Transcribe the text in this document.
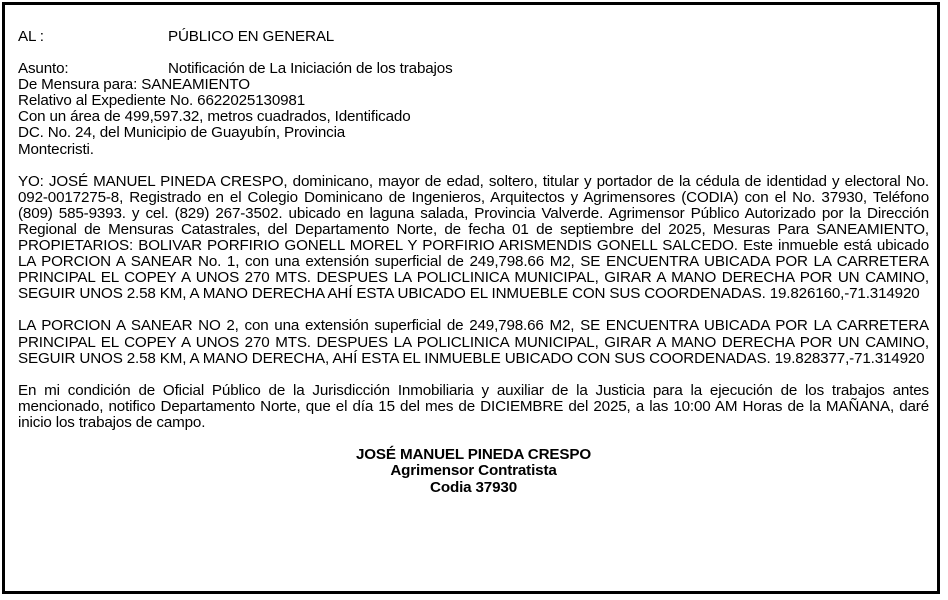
AL :	PÚBLICO EN GENERAL
Asunto:	Notificación de La Iniciación de los trabajos
De Mensura para: SANEAMIENTO
Relativo al Expediente No. 6622025130981
Con un área de 499,597.32, metros cuadrados, Identificado
DC. No. 24, del Municipio de Guayubín, Provincia
Montecristi.
YO: JOSÉ MANUEL PINEDA CRESPO, dominicano, mayor de edad, soltero, titular y portador de la cédula de identidad y electoral No. 092-0017275-8, Registrado en el Colegio Dominicano de Ingenieros, Arquitectos y Agrimensores (CODIA) con el No. 37930, Teléfono (809) 585-9393. y cel. (829) 267-3502. ubicado en laguna salada, Provincia Valverde. Agrimensor Público Autorizado por la Dirección Regional de Mensuras Catastrales, del Departamento Norte, de fecha 01 de septiembre del 2025, Mesuras Para SANEAMIENTO, PROPIETARIOS: BOLIVAR PORFIRIO GONELL MOREL Y PORFIRIO ARISMENDIS GONELL SALCEDO. Este inmueble está ubicado LA PORCION A SANEAR No. 1, con una extensión superficial de 249,798.66 M2, SE ENCUENTRA UBICADA POR LA CARRETERA PRINCIPAL EL COPEY A UNOS 270 MTS. DESPUES LA POLICLINICA MUNICIPAL, GIRAR A MANO DERECHA POR UN CAMINO, SEGUIR UNOS 2.58 KM, A MANO DERECHA AHÍ ESTA UBICADO EL INMUEBLE CON SUS COORDENADAS. 19.826160,-71.314920
LA PORCION A SANEAR NO 2, con una extensión superficial de 249,798.66 M2, SE ENCUENTRA UBICADA POR LA CARRETERA PRINCIPAL EL COPEY A UNOS 270 MTS. DESPUES LA POLICLINICA MUNICIPAL, GIRAR A MANO DERECHA POR UN CAMINO, SEGUIR UNOS 2.58 KM, A MANO DERECHA, AHÍ ESTA EL INMUEBLE UBICADO CON SUS COORDENADAS. 19.828377,-71.314920
En mi condición de Oficial Público de la Jurisdicción Inmobiliaria y auxiliar de la Justicia para la ejecución de los trabajos antes mencionado, notifico Departamento Norte, que el día 15 del mes de DICIEMBRE del 2025, a las 10:00 AM Horas de la MAÑANA, daré inicio los trabajos de campo.
JOSÉ MANUEL PINEDA CRESPO
Agrimensor Contratista
Codia 37930
